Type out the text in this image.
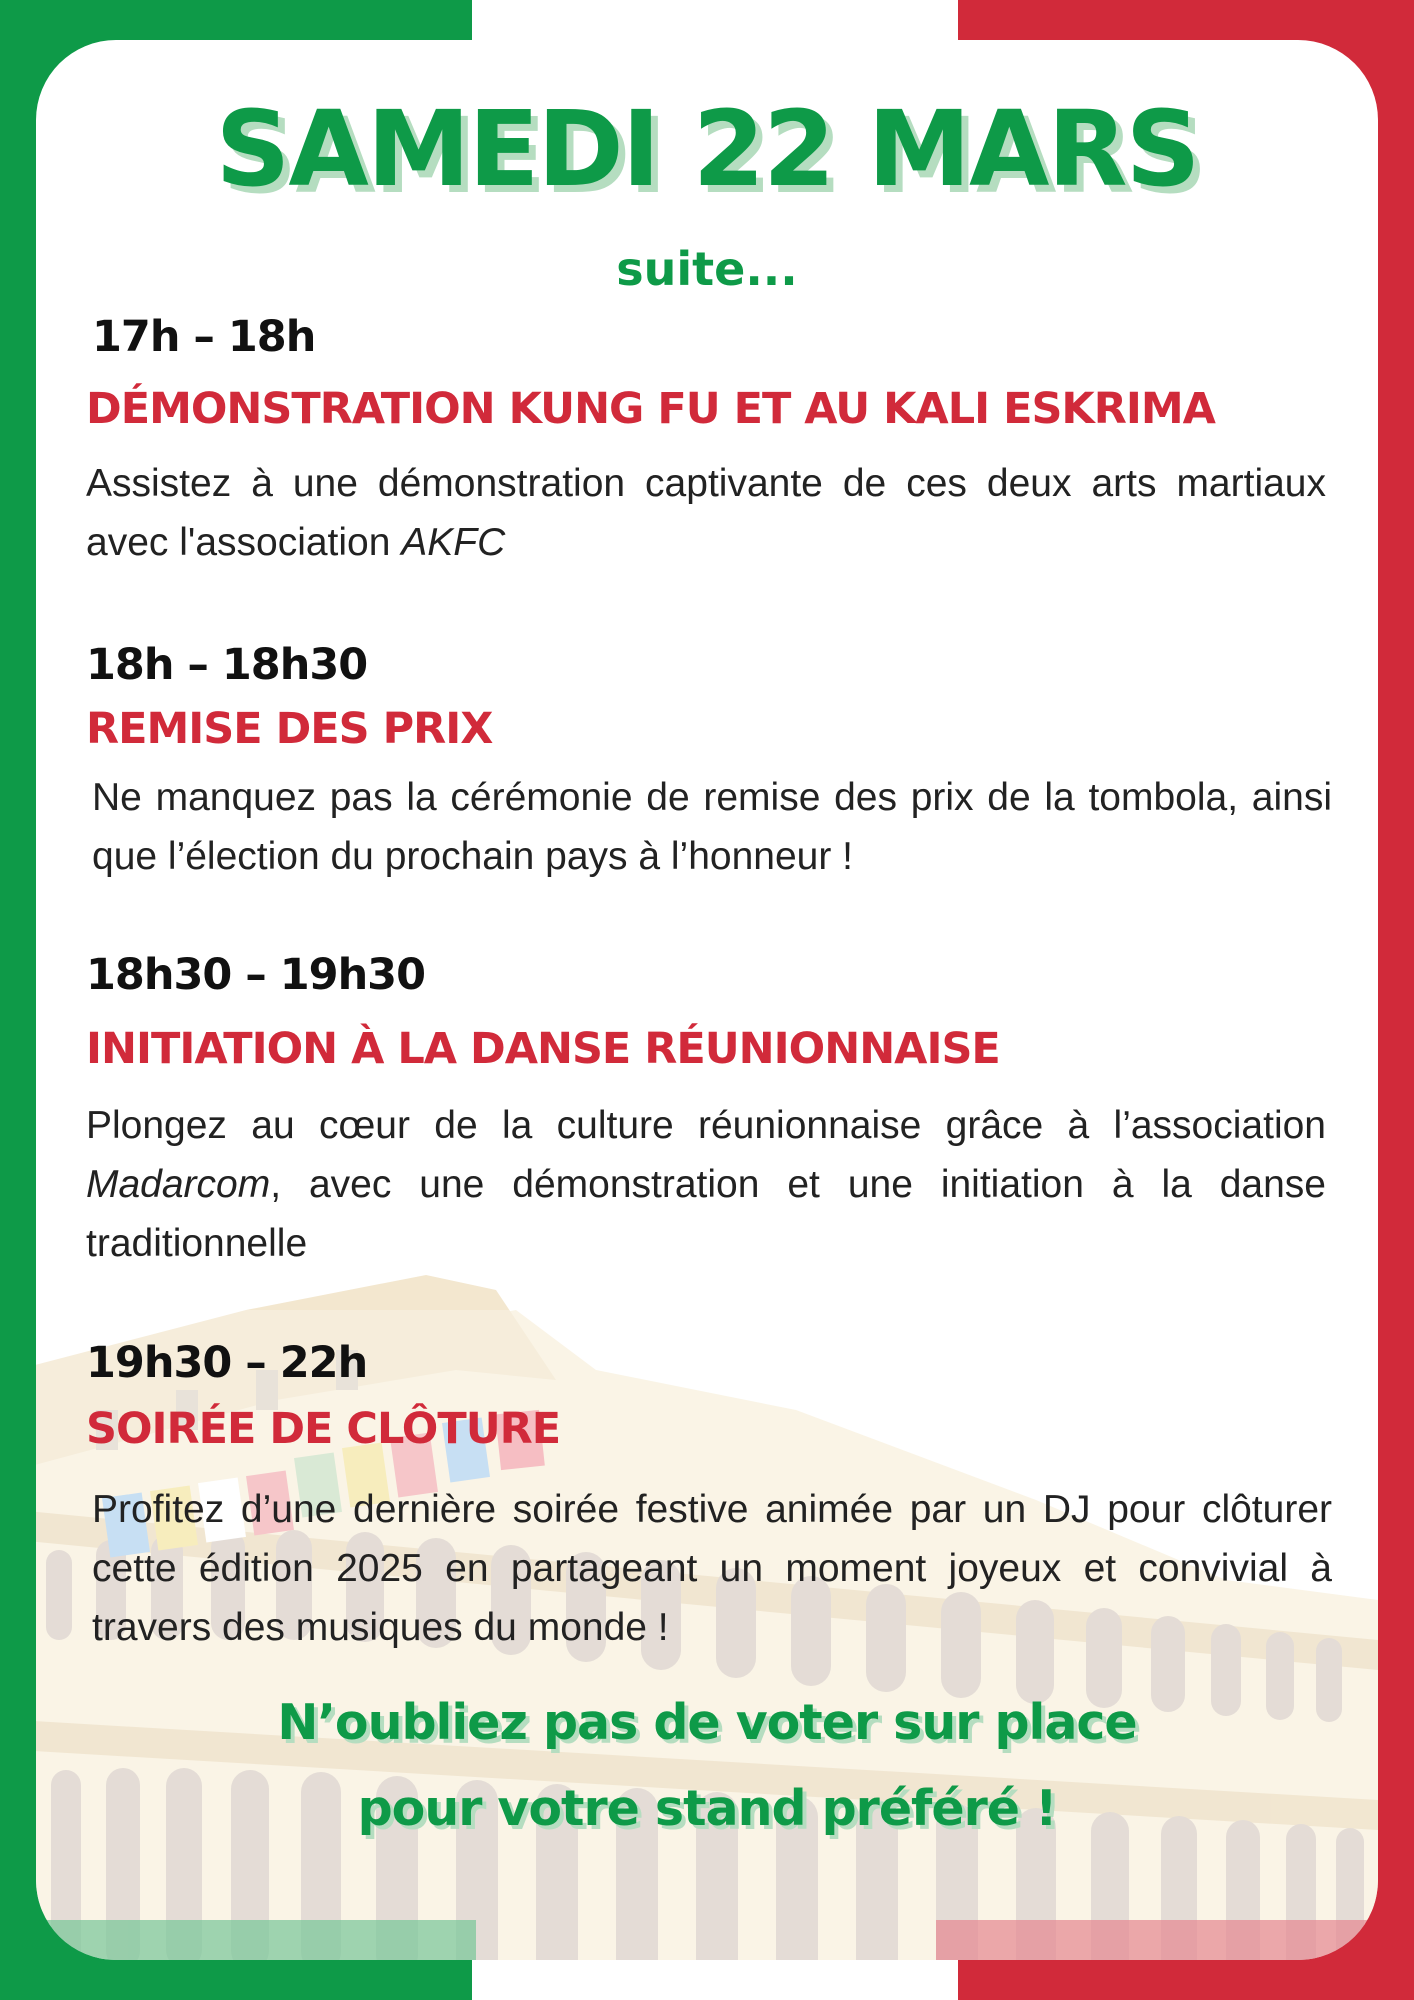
SAMEDI 22 MARS
suite...
17h – 18h
DÉMONSTRATION KUNG FU ET AU KALI ESKRIMA
Assistez à une démonstration captivante de ces deux arts martiaux avec l'association AKFC
18h – 18h30
REMISE DES PRIX
Ne manquez pas la cérémonie de remise des prix de la tombola, ainsi que l’élection du prochain pays à l’honneur !
18h30 – 19h30
INITIATION À LA DANSE RÉUNIONNAISE
Plongez au cœur de la culture réunionnaise grâce à l’association Madarcom, avec une démonstration et une initiation à la danse traditionnelle
19h30 – 22h
SOIRÉE DE CLÔTURE
Profitez d’une dernière soirée festive animée par un DJ pour clôturer cette édition 2025 en partageant un moment joyeux et convivial à travers des musiques du monde !
N’oubliez pas de voter sur place
pour votre stand préféré !
